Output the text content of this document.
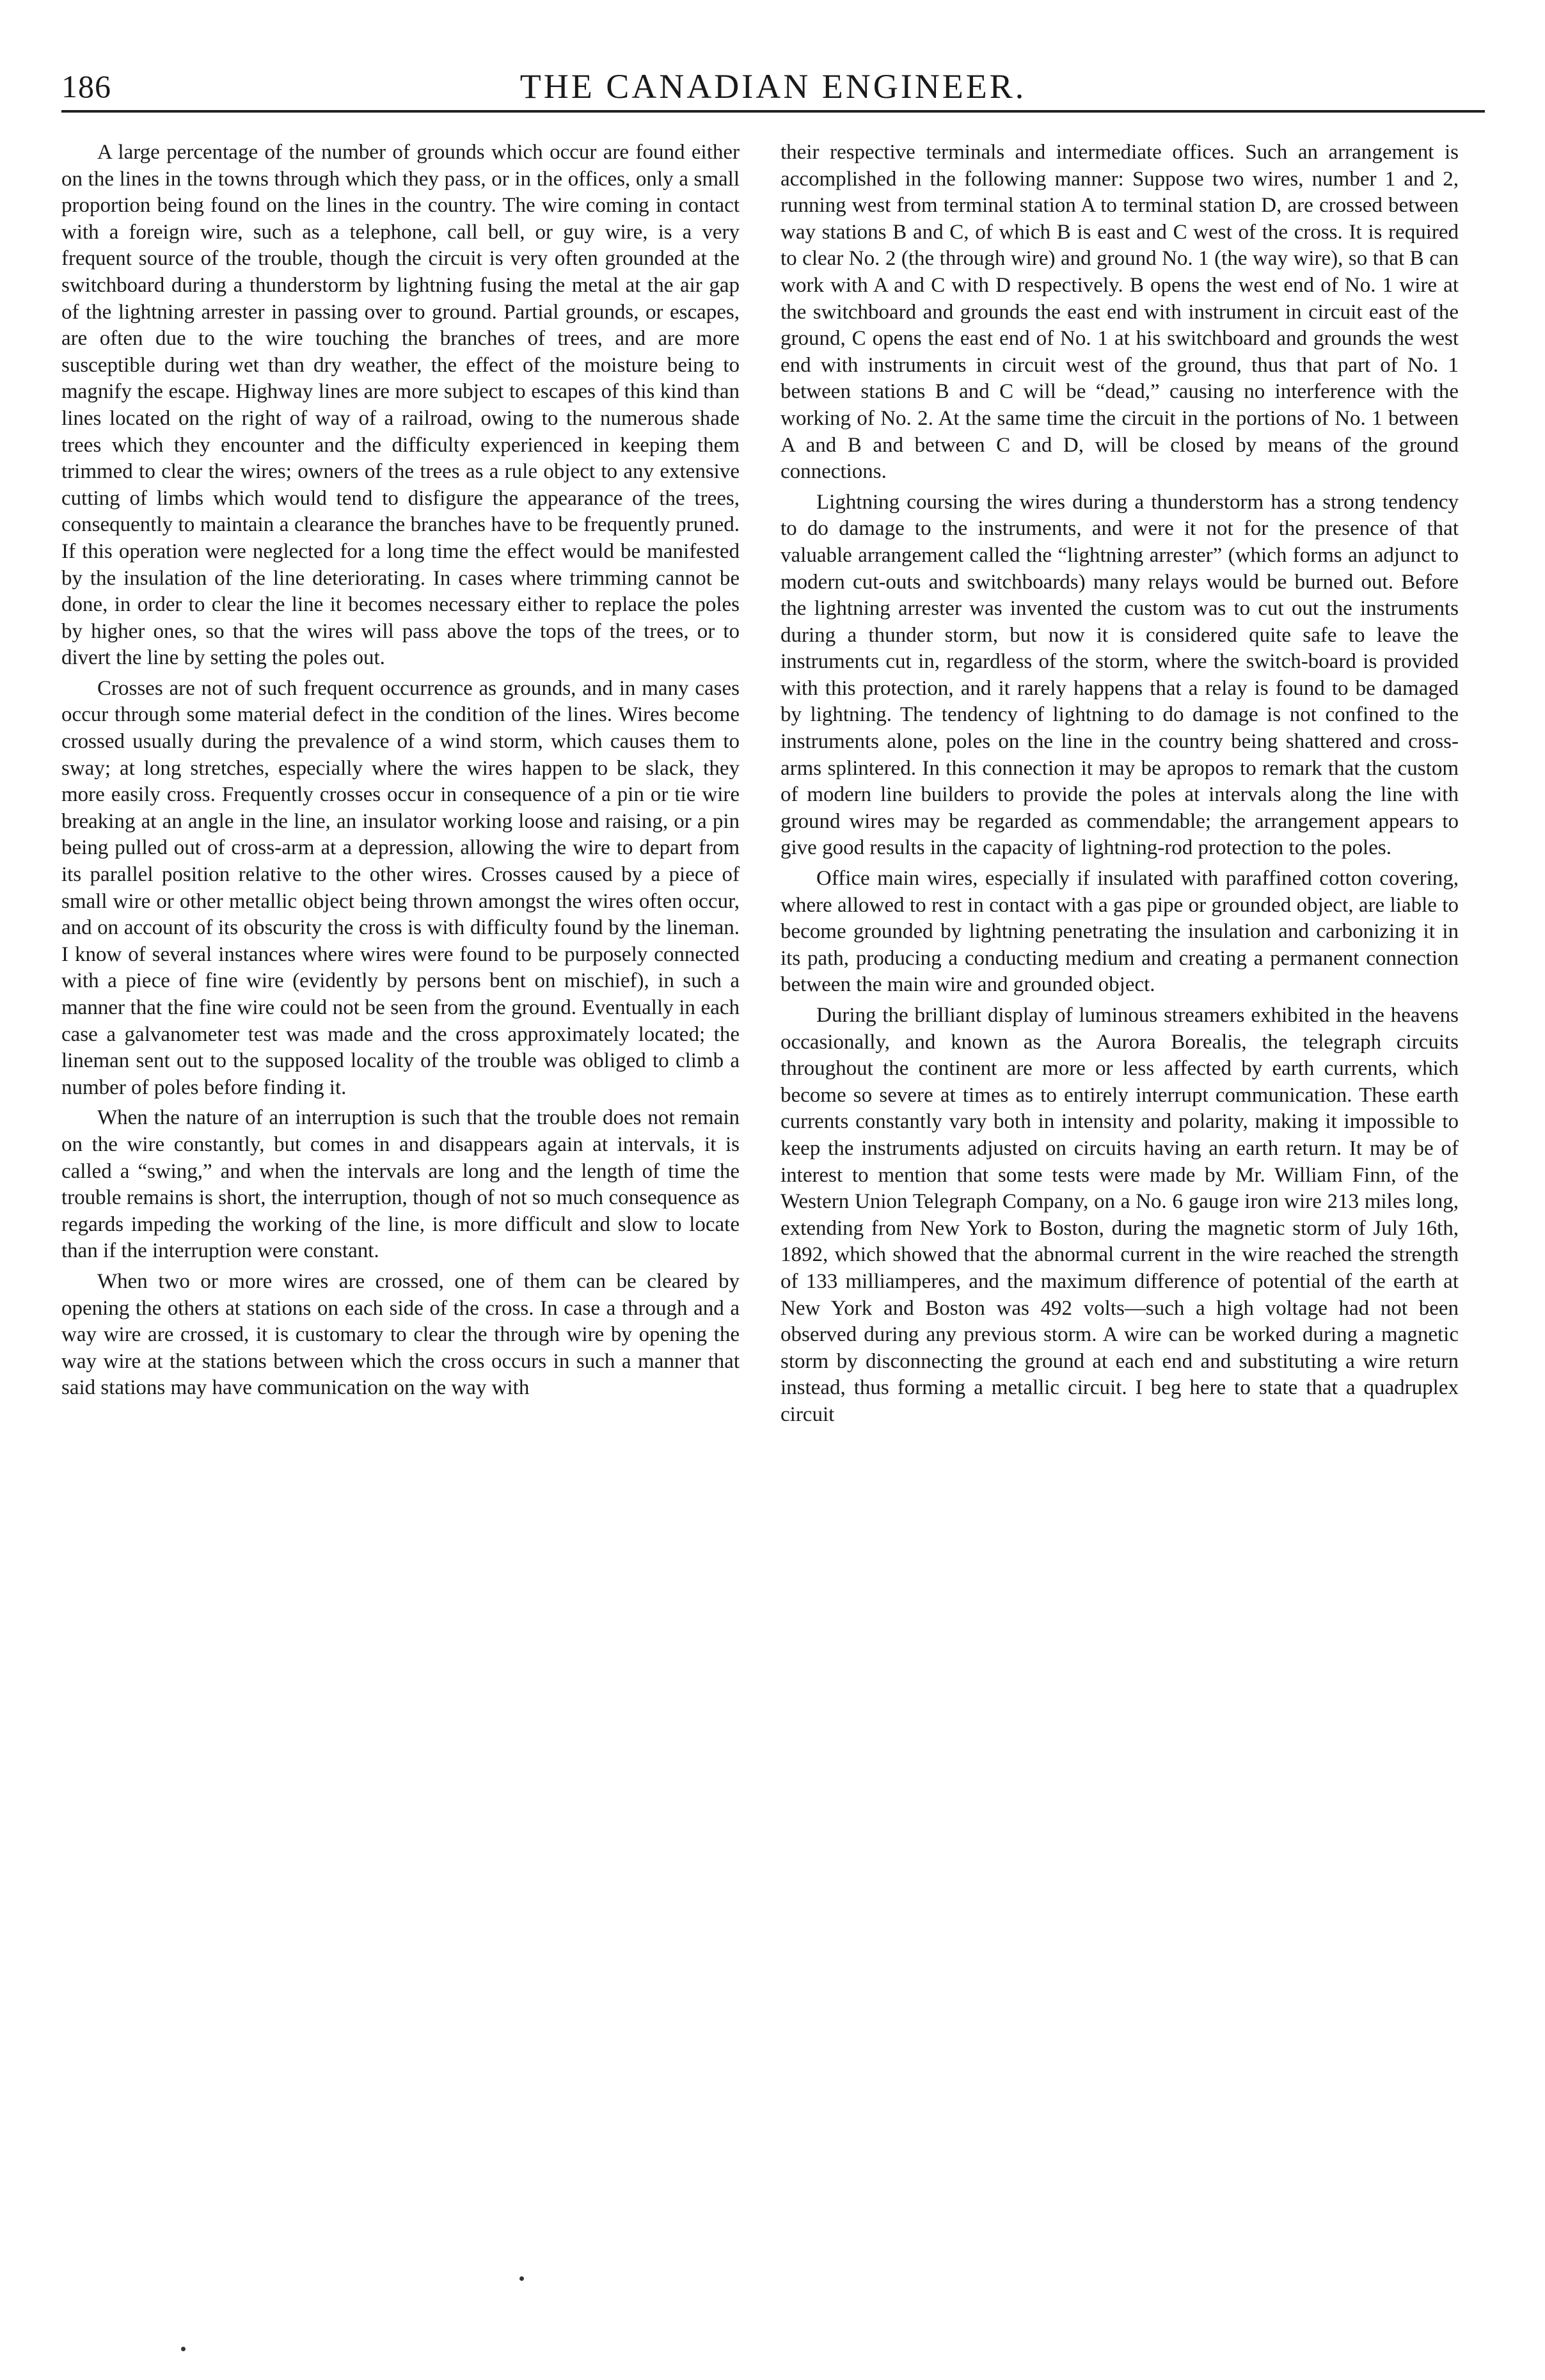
186	THE CANADIAN ENGINEER.

A large percentage of the number of grounds which occur are found either on the lines in the towns through which they pass, or in the offices, only a small proportion being found on the lines in the country. The wire coming in contact with a foreign wire, such as a telephone, call bell, or guy wire, is a very frequent source of the trouble, though the circuit is very often grounded at the switchboard during a thunderstorm by lightning fusing the metal at the air gap of the lightning arrester in passing over to ground. Partial grounds, or escapes, are often due to the wire touching the branches of trees, and are more susceptible during wet than dry weather, the effect of the moisture being to magnify the escape. Highway lines are more subject to escapes of this kind than lines located on the right of way of a railroad, owing to the numerous shade trees which they encounter and the difficulty experienced in keeping them trimmed to clear the wires; owners of the trees as a rule object to any extensive cutting of limbs which would tend to disfigure the appearance of the trees, consequently to maintain a clearance the branches have to be frequently pruned. If this operation were neglected for a long time the effect would be manifested by the insulation of the line deteriorating. In cases where trimming cannot be done, in order to clear the line it becomes necessary either to replace the poles by higher ones, so that the wires will pass above the tops of the trees, or to divert the line by setting the poles out.

Crosses are not of such frequent occurrence as grounds, and in many cases occur through some material defect in the condition of the lines. Wires become crossed usually during the prevalence of a wind storm, which causes them to sway; at long stretches, especially where the wires happen to be slack, they more easily cross. Frequently crosses occur in consequence of a pin or tie wire breaking at an angle in the line, an insulator working loose and raising, or a pin being pulled out of cross-arm at a depression, allowing the wire to depart from its parallel position relative to the other wires. Crosses caused by a piece of small wire or other metallic object being thrown amongst the wires often occur, and on account of its obscurity the cross is with difficulty found by the lineman. I know of several instances where wires were found to be purposely connected with a piece of fine wire (evidently by persons bent on mischief), in such a manner that the fine wire could not be seen from the ground. Eventually in each case a galvanometer test was made and the cross approximately located; the lineman sent out to the supposed locality of the trouble was obliged to climb a number of poles before finding it.

When the nature of an interruption is such that the trouble does not remain on the wire constantly, but comes in and disappears again at intervals, it is called a “swing,” and when the intervals are long and the length of time the trouble remains is short, the interruption, though of not so much consequence as regards impeding the working of the line, is more difficult and slow to locate than if the interruption were constant.

When two or more wires are crossed, one of them can be cleared by opening the others at stations on each side of the cross. In case a through and a way wire are crossed, it is customary to clear the through wire by opening the way wire at the stations between which the cross occurs in such a manner that said stations may have communication on the way with

their respective terminals and intermediate offices. Such an arrangement is accomplished in the following manner: Suppose two wires, number 1 and 2, running west from terminal station A to terminal station D, are crossed between way stations B and C, of which B is east and C west of the cross. It is required to clear No. 2 (the through wire) and ground No. 1 (the way wire), so that B can work with A and C with D respectively. B opens the west end of No. 1 wire at the switchboard and grounds the east end with instrument in circuit east of the ground, C opens the east end of No. 1 at his switchboard and grounds the west end with instruments in circuit west of the ground, thus that part of No. 1 between stations B and C will be “dead,” causing no interference with the working of No. 2. At the same time the circuit in the portions of No. 1 between A and B and between C and D, will be closed by means of the ground connections.

Lightning coursing the wires during a thunderstorm has a strong tendency to do damage to the instruments, and were it not for the presence of that valuable arrangement called the “lightning arrester” (which forms an adjunct to modern cut-outs and switchboards) many relays would be burned out. Before the lightning arrester was invented the custom was to cut out the instruments during a thunder storm, but now it is considered quite safe to leave the instruments cut in, regardless of the storm, where the switch-board is provided with this protection, and it rarely happens that a relay is found to be damaged by lightning. The tendency of lightning to do damage is not confined to the instruments alone, poles on the line in the country being shattered and cross-arms splintered. In this connection it may be apropos to remark that the custom of modern line builders to provide the poles at intervals along the line with ground wires may be regarded as commendable; the arrangement appears to give good results in the capacity of lightning-rod protection to the poles.

Office main wires, especially if insulated with paraffined cotton covering, where allowed to rest in contact with a gas pipe or grounded object, are liable to become grounded by lightning penetrating the insulation and carbonizing it in its path, producing a conducting medium and creating a permanent connection between the main wire and grounded object.

During the brilliant display of luminous streamers exhibited in the heavens occasionally, and known as the Aurora Borealis, the telegraph circuits throughout the continent are more or less affected by earth currents, which become so severe at times as to entirely interrupt communication. These earth currents constantly vary both in intensity and polarity, making it impossible to keep the instruments adjusted on circuits having an earth return. It may be of interest to mention that some tests were made by Mr. William Finn, of the Western Union Telegraph Company, on a No. 6 gauge iron wire 213 miles long, extending from New York to Boston, during the magnetic storm of July 16th, 1892, which showed that the abnormal current in the wire reached the strength of 133 milliamperes, and the maximum difference of potential of the earth at New York and Boston was 492 volts—such a high voltage had not been observed during any previous storm. A wire can be worked during a magnetic storm by disconnecting the ground at each end and substituting a wire return instead, thus forming a metallic circuit. I beg here to state that a quadruplex circuit
